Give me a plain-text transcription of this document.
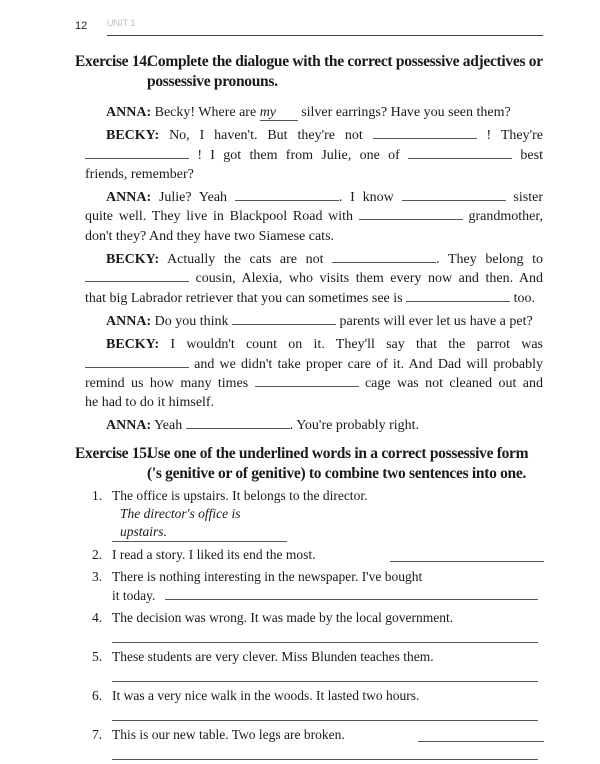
12 UNIT 1
Exercise 14.
Complete the dialogue with the correct possessive adjectives or possessive pronouns.
ANNA: Becky! Where are my silver earrings? Have you seen them?
BECKY: No, I haven't. But they're not	! They're
! I got them from Julie, one of	best
friends, remember?
ANNA: Julie? Yeah	. I know	sister
quite well. They live in Blackpool Road with	grandmother,
don't they? And they have two Siamese cats.
BECKY: Actually the cats are not	. They belong to
cousin, Alexia, who visits them every now and then. And
that big Labrador retriever that you can sometimes see is	too.
ANNA: Do you think	parents will ever let us have a pet?
BECKY: I wouldn't count on it. They'll say that the parrot was
and we didn't take proper care of it. And Dad will probably
remind us how many times	cage was not cleaned out and
he had to do it himself.
ANNA: Yeah	. You're probably right.
Exercise 15.
Use one of the underlined words in a correct possessive form ('s genitive or of genitive) to combine two sentences into one.
1. The office is upstairs. It belongs to the director.
The director's office is upstairs.
2. I read a story. I liked its end the most.
3. There is nothing interesting in the newspaper. I've bought
it today.
4. The decision was wrong. It was made by the local government.
5. These students are very clever. Miss Blunden teaches them.
6. It was a very nice walk in the woods. It lasted two hours.
7. This is our new table. Two legs are broken.
